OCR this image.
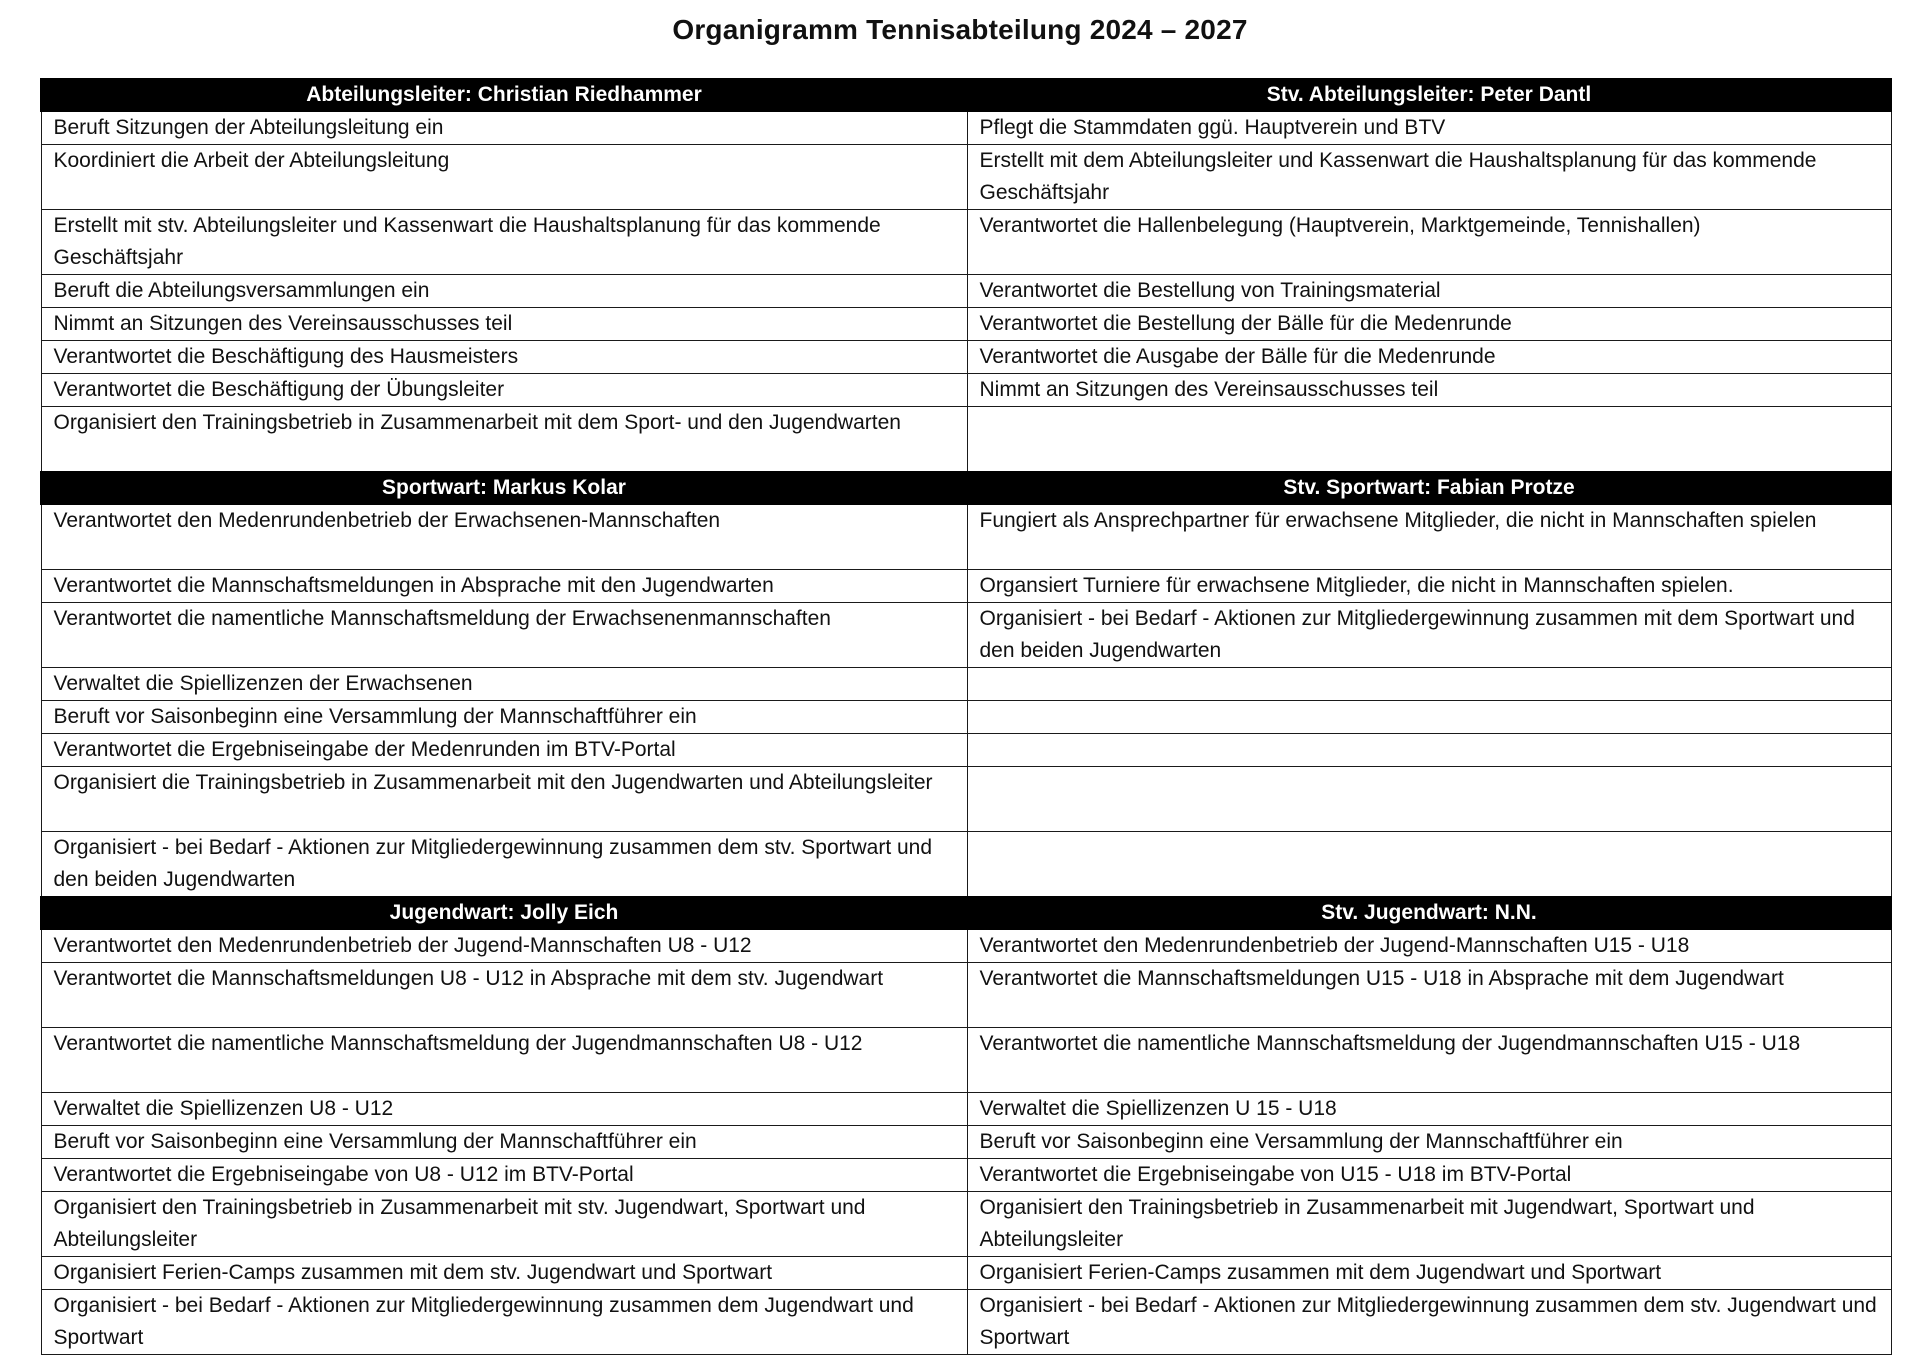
Organigramm Tennisabteilung 2024 – 2027
Abteilungsleiter: Christian Riedhammer	Stv. Abteilungsleiter: Peter Dantl
Beruft Sitzungen der Abteilungsleitung ein	Pflegt die Stammdaten ggü. Hauptverein und BTV
Koordiniert die Arbeit der Abteilungsleitung	Erstellt mit dem Abteilungsleiter und Kassenwart die Haushaltsplanung für das kommende Geschäftsjahr
Erstellt mit stv. Abteilungsleiter und Kassenwart die Haushaltsplanung für das kommende Geschäftsjahr	Verantwortet die Hallenbelegung (Hauptverein, Marktgemeinde, Tennishallen)
Beruft die Abteilungsversammlungen ein	Verantwortet die Bestellung von Trainingsmaterial
Nimmt an Sitzungen des Vereinsausschusses teil	Verantwortet die Bestellung der Bälle für die Medenrunde
Verantwortet die Beschäftigung des Hausmeisters	Verantwortet die Ausgabe der Bälle für die Medenrunde
Verantwortet die Beschäftigung der Übungsleiter	Nimmt an Sitzungen des Vereinsausschusses teil
Organisiert den Trainingsbetrieb in Zusammenarbeit mit dem Sport- und den Jugendwarten	
Sportwart: Markus Kolar	Stv. Sportwart: Fabian Protze
Verantwortet den Medenrundenbetrieb der Erwachsenen-Mannschaften	Fungiert als Ansprechpartner für erwachsene Mitglieder, die nicht in Mannschaften spielen
Verantwortet die Mannschaftsmeldungen in Absprache mit den Jugendwarten	Organsiert Turniere für erwachsene Mitglieder, die nicht in Mannschaften spielen.
Verantwortet die namentliche Mannschaftsmeldung der Erwachsenenmannschaften	Organisiert - bei Bedarf - Aktionen zur Mitgliedergewinnung zusammen mit dem Sportwart und den beiden Jugendwarten
Verwaltet die Spiellizenzen der Erwachsenen	
Beruft vor Saisonbeginn eine Versammlung der Mannschaftführer ein	
Verantwortet die Ergebniseingabe der Medenrunden im BTV-Portal	
Organisiert die Trainingsbetrieb in Zusammenarbeit mit den Jugendwarten und Abteilungsleiter	
Organisiert - bei Bedarf - Aktionen zur Mitgliedergewinnung zusammen dem stv. Sportwart und den beiden Jugendwarten	
Jugendwart: Jolly Eich	Stv. Jugendwart: N.N.
Verantwortet den Medenrundenbetrieb der Jugend-Mannschaften U8 - U12	Verantwortet den Medenrundenbetrieb der Jugend-Mannschaften U15 - U18
Verantwortet die Mannschaftsmeldungen U8 - U12 in Absprache mit dem stv. Jugendwart	Verantwortet die Mannschaftsmeldungen U15 - U18 in Absprache mit dem Jugendwart
Verantwortet die namentliche Mannschaftsmeldung der Jugendmannschaften U8 - U12	Verantwortet die namentliche Mannschaftsmeldung der Jugendmannschaften U15 - U18
Verwaltet die Spiellizenzen U8 - U12	Verwaltet die Spiellizenzen U 15 - U18
Beruft vor Saisonbeginn eine Versammlung der Mannschaftführer ein	Beruft vor Saisonbeginn eine Versammlung der Mannschaftführer ein
Verantwortet die Ergebniseingabe von U8 - U12 im BTV-Portal	Verantwortet die Ergebniseingabe von U15 - U18 im BTV-Portal
Organisiert den Trainingsbetrieb in Zusammenarbeit mit stv. Jugendwart, Sportwart und Abteilungsleiter	Organisiert den Trainingsbetrieb in Zusammenarbeit mit Jugendwart, Sportwart und Abteilungsleiter
Organisiert Ferien-Camps zusammen mit dem stv. Jugendwart und Sportwart	Organisiert Ferien-Camps zusammen mit dem Jugendwart und Sportwart
Organisiert - bei Bedarf - Aktionen zur Mitgliedergewinnung zusammen dem Jugendwart und Sportwart	Organisiert - bei Bedarf - Aktionen zur Mitgliedergewinnung zusammen dem stv. Jugendwart und Sportwart
